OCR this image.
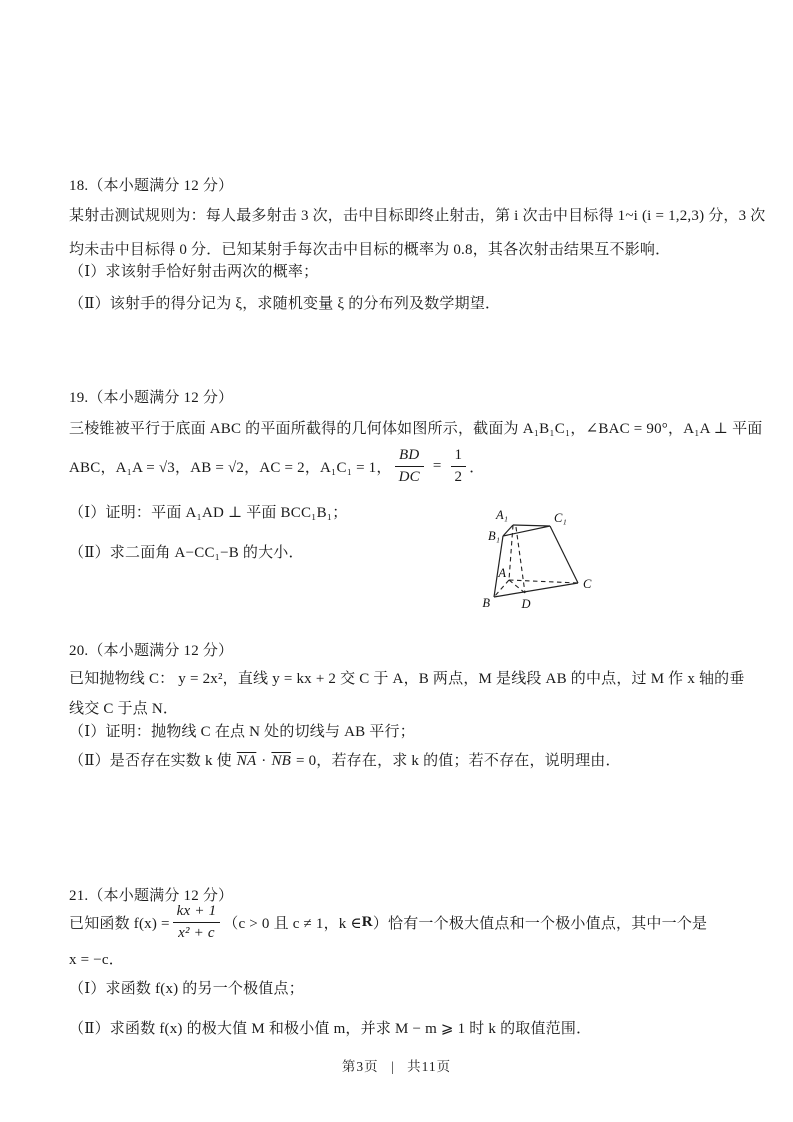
18.（本小题满分 12 分）
某射击测试规则为：每人最多射击 3 次，击中目标即终止射击，第 i 次击中目标得 1~i (i = 1,2,3) 分，3 次
均未击中目标得 0 分．已知某射手每次击中目标的概率为 0.8，其各次射击结果互不影响．
（Ⅰ）求该射手恰好射击两次的概率；
（Ⅱ）该射手的得分记为 ξ，求随机变量 ξ 的分布列及数学期望．
19.（本小题满分 12 分）
三棱锥被平行于底面 ABC 的平面所截得的几何体如图所示，截面为 A₁B₁C₁，∠BAC = 90°，A₁A ⊥ 平面
ABC，A₁A = √3，AB = √2，AC = 2，A₁C₁ = 1， $\frac{BD}{DC} = \frac{1}{2}$ ．
（Ⅰ）证明：平面 A₁AD ⊥ 平面 BCC₁B₁；
（Ⅱ）求二面角 A−CC₁−B 的大小．
A₁	C₁
B₁
A
C
B	D
20.（本小题满分 12 分）
已知抛物线 C： y = 2x²，直线 y = kx + 2 交 C 于 A，B 两点，M 是线段 AB 的中点，过 M 作 x 轴的垂
线交 C 于点 N．
（Ⅰ）证明：抛物线 C 在点 N 处的切线与 AB 平行；
（Ⅱ）是否存在实数 k 使 $\overline{NA} \cdot \overline{NB} = 0$，若存在，求 k 的值；若不存在，说明理由．
21.（本小题满分 12 分）
已知函数 $f(x) = \frac{kx + 1}{\text{x² + c}} (c > 0$ 且 c ≠ 1，k ∈ R ）恰有一个极大值点和一个极小值点，其中一个是
x = −c．
（Ⅰ）求函数 f(x) 的另一个极值点；
（Ⅱ）求函数 f(x) 的极大值 M 和极小值 m，并求 M − m ⩾ 1 时 k 的取值范围．
第3页 | 共11页
